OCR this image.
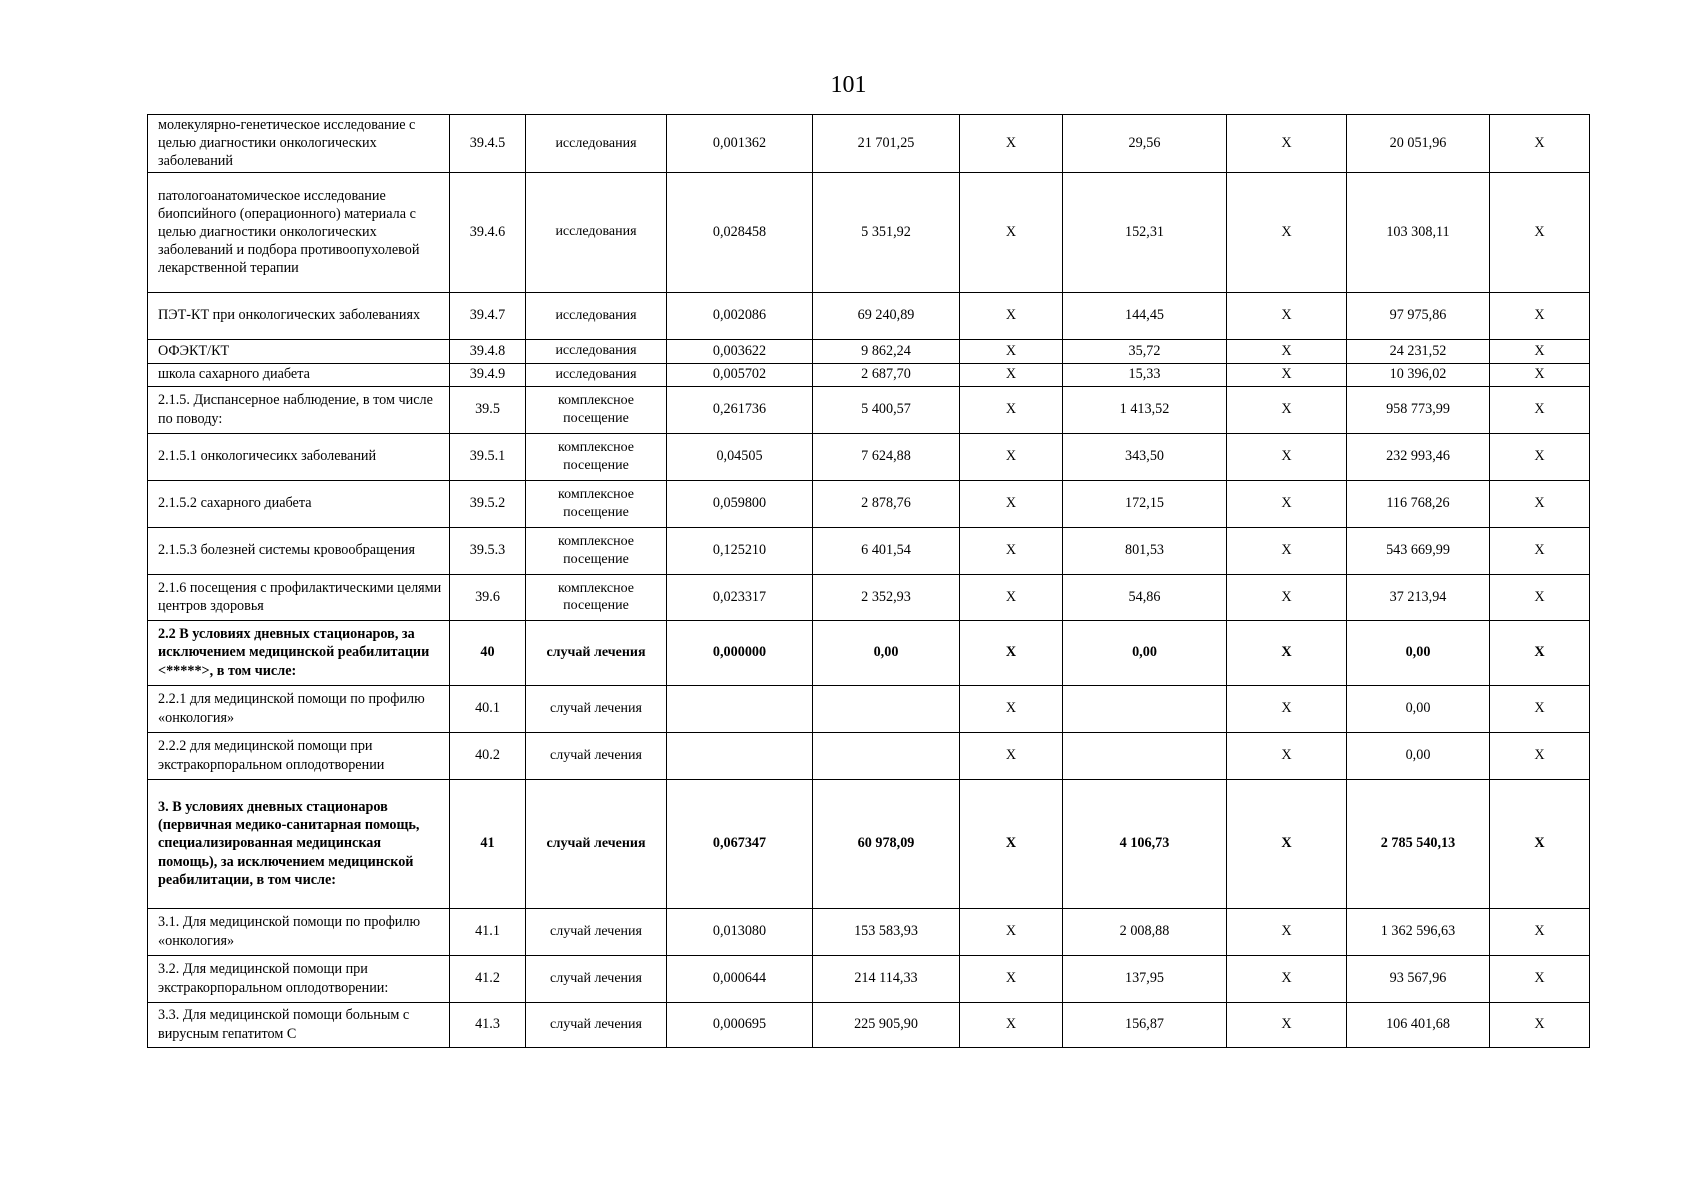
101
молекулярно-генетическое исследование с целью диагностики онкологических заболеваний	39.4.5	исследования	0,001362	21 701,25	X	29,56	X	20 051,96	X
патологоанатомическое исследование биопсийного (операционного) материала с целью диагностики онкологических заболеваний и подбора противоопухолевой лекарственной терапии	39.4.6	исследования	0,028458	5 351,92	X	152,31	X	103 308,11	X
ПЭТ-КТ при онкологических заболеваниях	39.4.7	исследования	0,002086	69 240,89	X	144,45	X	97 975,86	X
ОФЭКТ/КТ	39.4.8	исследования	0,003622	9 862,24	X	35,72	X	24 231,52	X
школа сахарного диабета	39.4.9	исследования	0,005702	2 687,70	X	15,33	X	10 396,02	X
2.1.5. Диспансерное наблюдение, в том числе по поводу:	39.5	комплексное посещение	0,261736	5 400,57	X	1 413,52	X	958 773,99	X
2.1.5.1 онкологичесикх заболеваний	39.5.1	комплексное посещение	0,04505	7 624,88	X	343,50	X	232 993,46	X
2.1.5.2 сахарного диабета	39.5.2	комплексное посещение	0,059800	2 878,76	X	172,15	X	116 768,26	X
2.1.5.3 болезней системы кровообращения	39.5.3	комплексное посещение	0,125210	6 401,54	X	801,53	X	543 669,99	X
2.1.6 посещения с профилактическими целями центров здоровья	39.6	комплексное посещение	0,023317	2 352,93	X	54,86	X	37 213,94	X
2.2 В условиях дневных стационаров, за исключением медицинской реабилитации <*****>, в том числе:	40	случай лечения	0,000000	0,00	X	0,00	X	0,00	X
2.2.1 для медицинской помощи по профилю «онкология»	40.1	случай лечения			X		X	0,00	X
2.2.2 для медицинской помощи при экстракорпоральном оплодотворении	40.2	случай лечения			X		X	0,00	X
3. В условиях дневных стационаров (первичная медико-санитарная помощь, специализированная медицинская помощь), за исключением медицинской реабилитации, в том числе:	41	случай лечения	0,067347	60 978,09	X	4 106,73	X	2 785 540,13	X
3.1. Для медицинской помощи по профилю «онкология»	41.1	случай лечения	0,013080	153 583,93	X	2 008,88	X	1 362 596,63	X
3.2. Для медицинской помощи при экстракорпоральном оплодотворении:	41.2	случай лечения	0,000644	214 114,33	X	137,95	X	93 567,96	X
3.3. Для медицинской помощи больным с вирусным гепатитом С	41.3	случай лечения	0,000695	225 905,90	X	156,87	X	106 401,68	X
